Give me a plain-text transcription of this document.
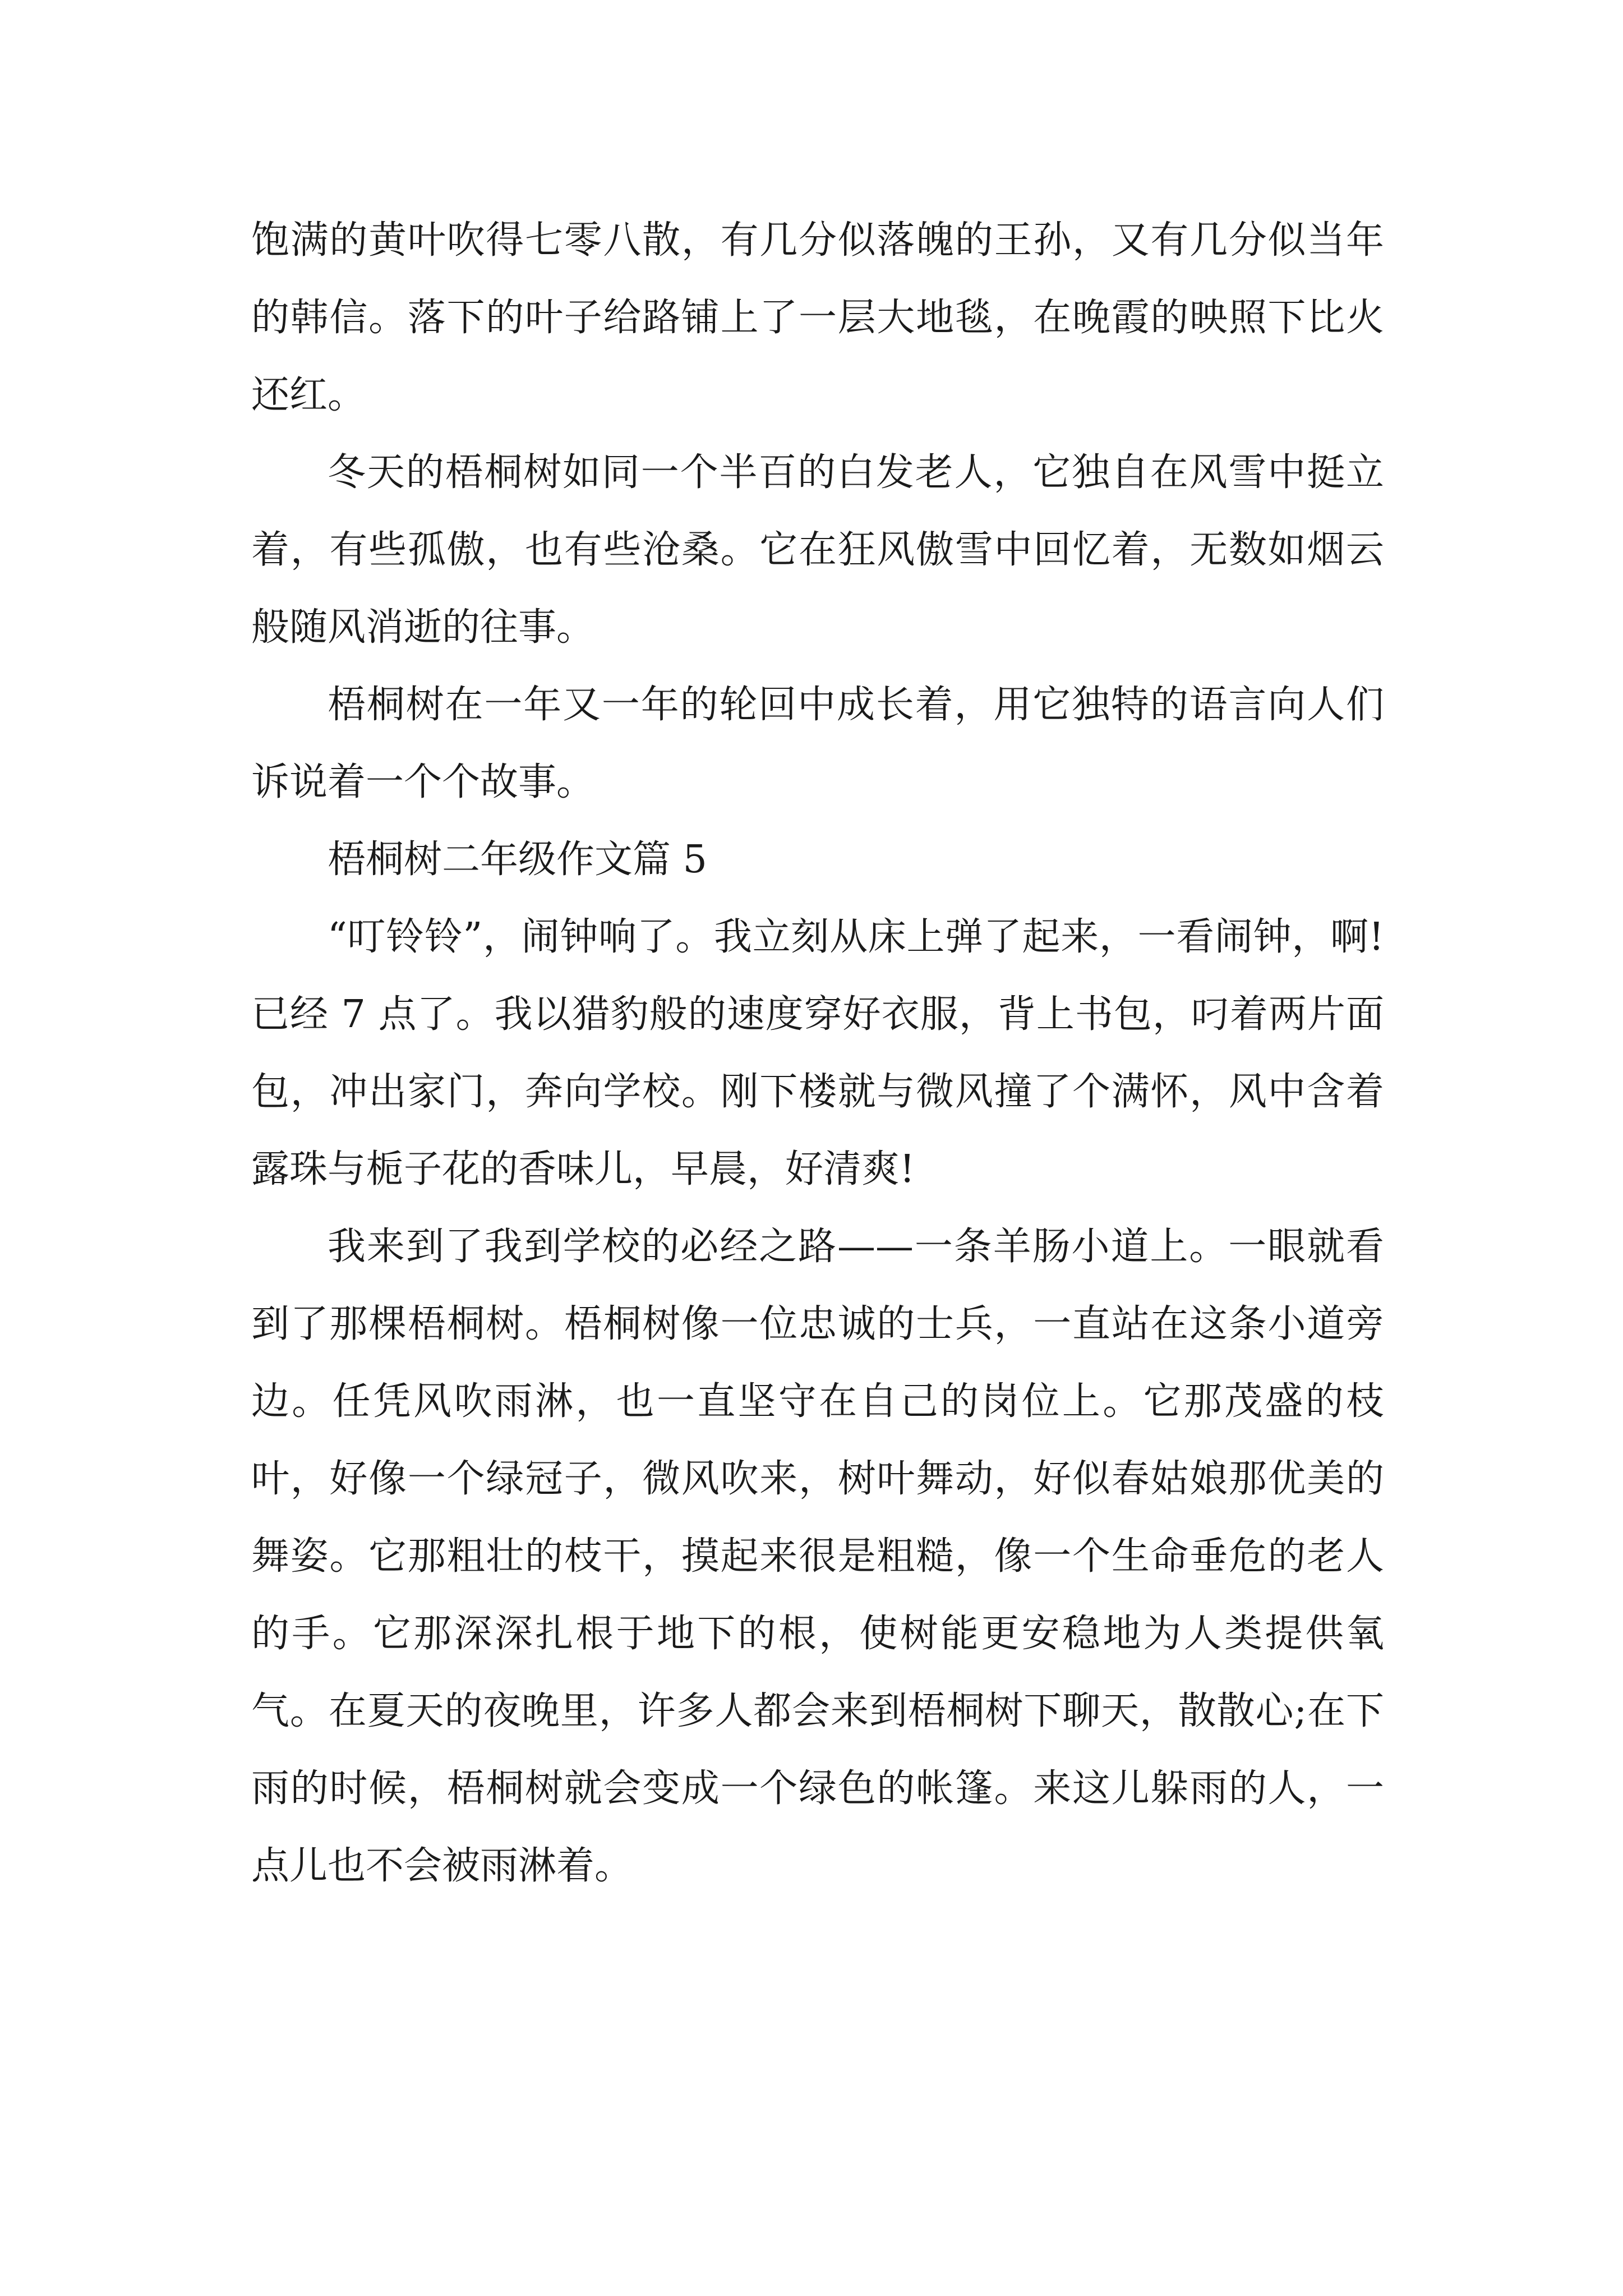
饱满的黄叶吹得七零八散，有几分似落魄的王孙，又有几分似当年的韩信。落下的叶子给路铺上了一层大地毯，在晚霞的映照下比火还红。

冬天的梧桐树如同一个半百的白发老人，它独自在风雪中挺立着，有些孤傲，也有些沧桑。它在狂风傲雪中回忆着，无数如烟云般随风消逝的往事。

梧桐树在一年又一年的轮回中成长着，用它独特的语言向人们诉说着一个个故事。

梧桐树二年级作文篇 5

“叮铃铃”，闹钟响了。我立刻从床上弹了起来，一看闹钟，啊!已经 7 点了。我以猎豹般的速度穿好衣服，背上书包，叼着两片面包，冲出家门，奔向学校。刚下楼就与微风撞了个满怀，风中含着露珠与栀子花的香味儿，早晨，好清爽!

我来到了我到学校的必经之路——一条羊肠小道上。一眼就看到了那棵梧桐树。梧桐树像一位忠诚的士兵，一直站在这条小道旁边。任凭风吹雨淋，也一直坚守在自己的岗位上。它那茂盛的枝叶，好像一个绿冠子，微风吹来，树叶舞动，好似春姑娘那优美的舞姿。它那粗壮的枝干，摸起来很是粗糙，像一个生命垂危的老人的手。它那深深扎根于地下的根，使树能更安稳地为人类提供氧气。在夏天的夜晚里，许多人都会来到梧桐树下聊天，散散心;在下雨的时候，梧桐树就会变成一个绿色的帐篷。来这儿躲雨的人，一点儿也不会被雨淋着。
